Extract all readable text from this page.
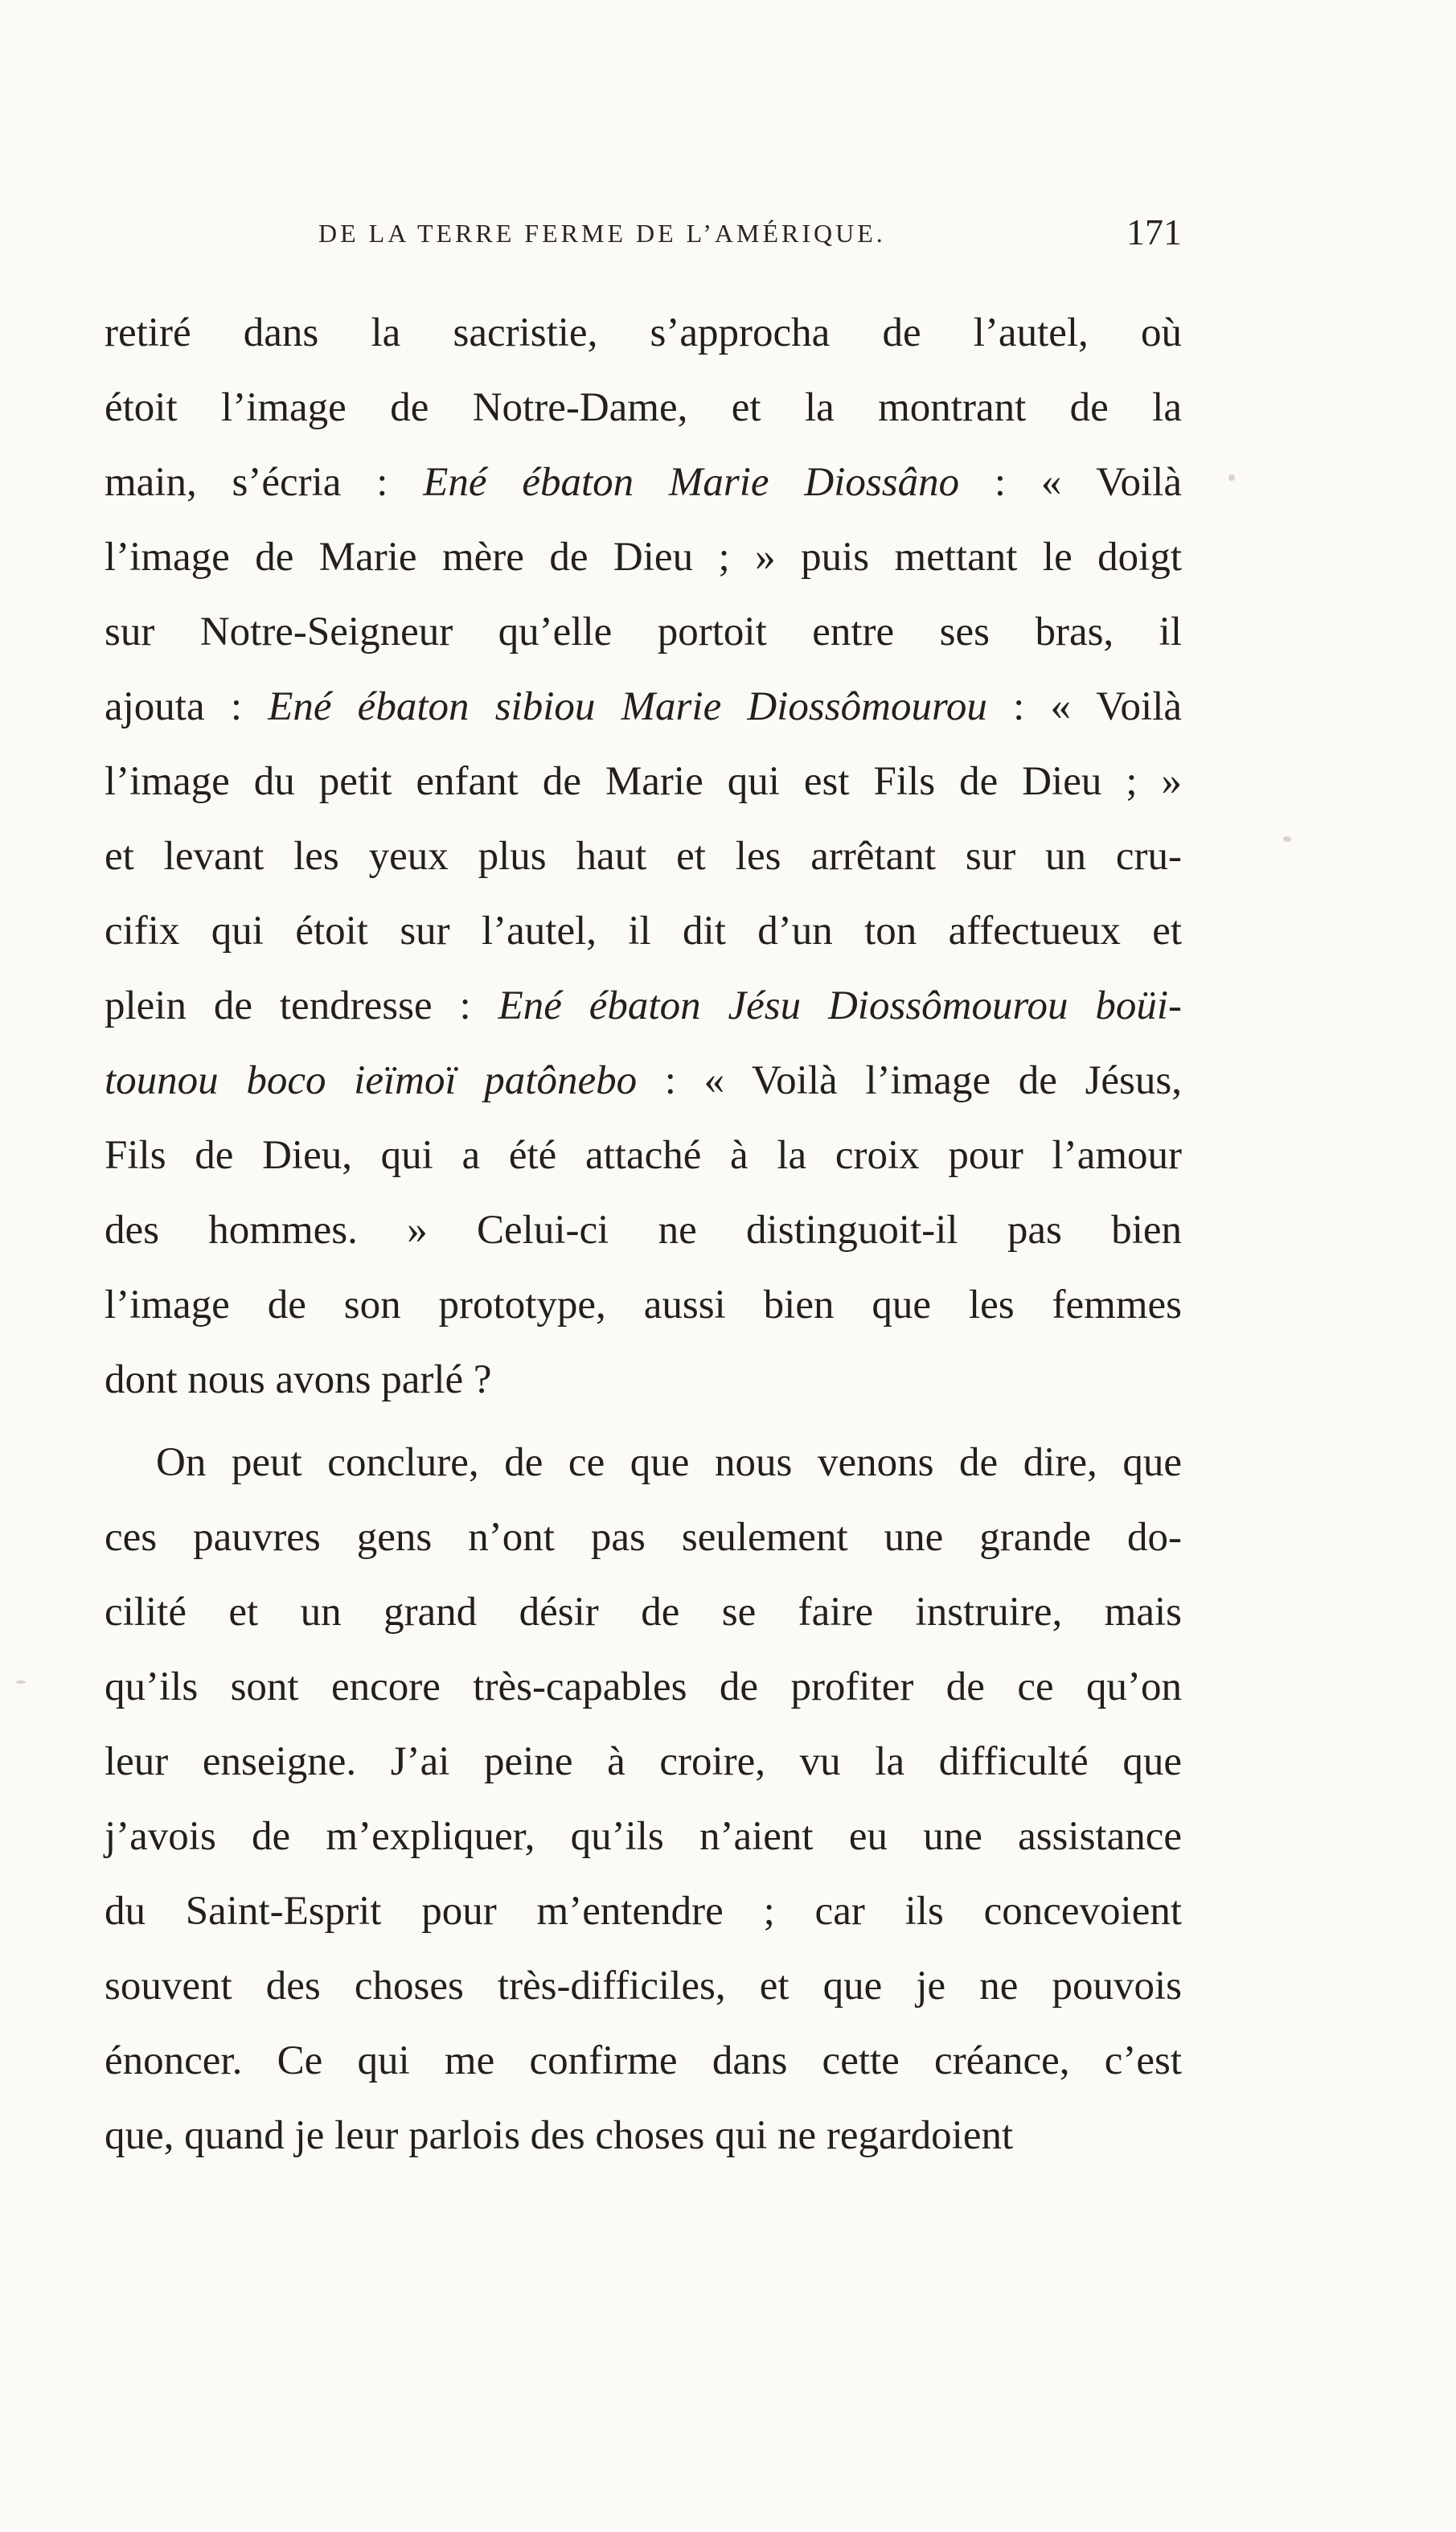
DE LA TERRE FERME DE L’AMÉRIQUE.	171
retiré dans la sacristie, s’approcha de l’autel, où
étoit l’image de Notre-Dame, et la montrant de la
main, s’écria : Ené ébaton Marie Diossâno : « Voilà
l’image de Marie mère de Dieu ; » puis mettant le doigt
sur Notre-Seigneur qu’elle portoit entre ses bras, il
ajouta : Ené ébaton sibiou Marie Diossômourou : « Voilà
l’image du petit enfant de Marie qui est Fils de Dieu ; »
et levant les yeux plus haut et les arrêtant sur un cru-
cifix qui étoit sur l’autel, il dit d’un ton affectueux et
plein de tendresse : Ené ébaton Jésu Diossômourou boüi-
tounou boco ieïmoï patônebo : « Voilà l’image de Jésus,
Fils de Dieu, qui a été attaché à la croix pour l’amour
des hommes. » Celui-ci ne distinguoit-il pas bien
l’image de son prototype, aussi bien que les femmes
dont nous avons parlé ?
On peut conclure, de ce que nous venons de dire, que
ces pauvres gens n’ont pas seulement une grande do-
cilité et un grand désir de se faire instruire, mais
qu’ils sont encore très-capables de profiter de ce qu’on
leur enseigne. J’ai peine à croire, vu la difficulté que
j’avois de m’expliquer, qu’ils n’aient eu une assistance
du Saint-Esprit pour m’entendre ; car ils concevoient
souvent des choses très-difficiles, et que je ne pouvois
énoncer. Ce qui me confirme dans cette créance, c’est
que, quand je leur parlois des choses qui ne regardoient
